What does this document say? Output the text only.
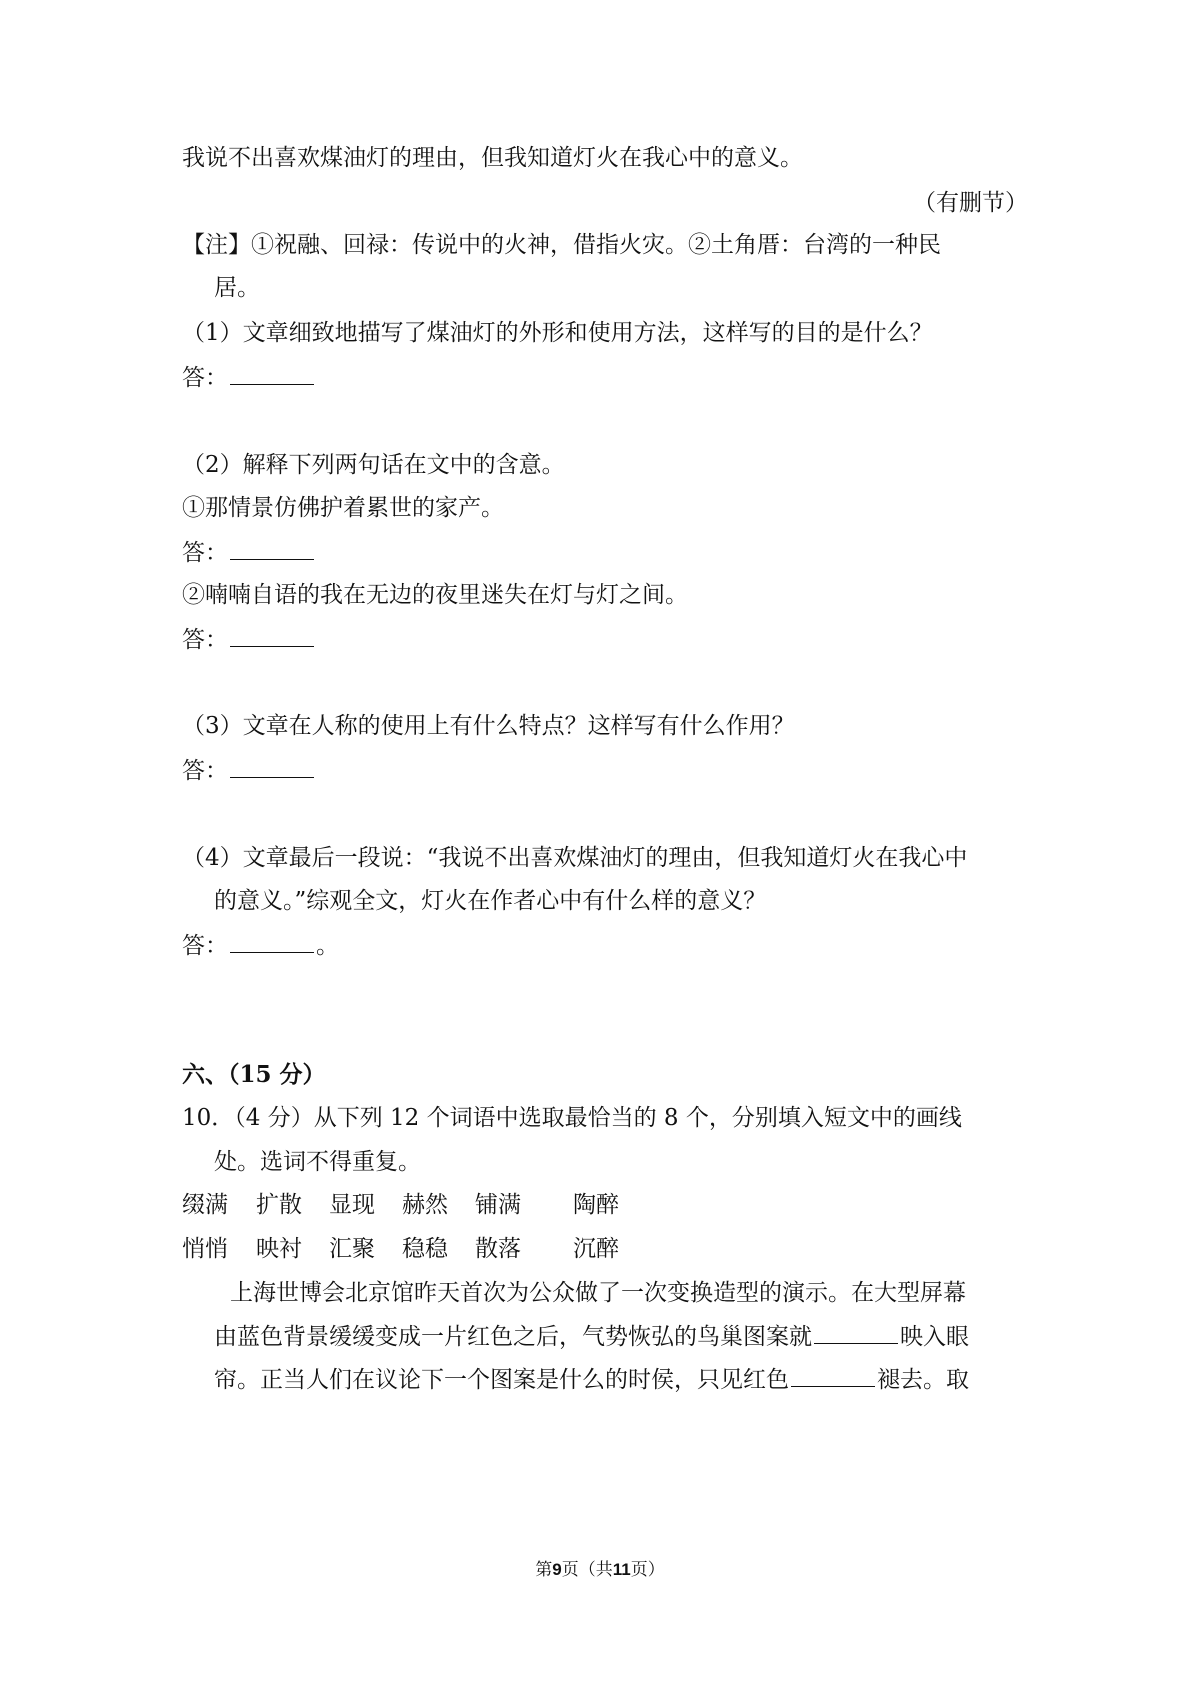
我说不出喜欢煤油灯的理由，但我知道灯火在我心中的意义。
（有删节）
【注】①祝融、回禄：传说中的火神，借指火灾。②土角厝：台湾的一种民
居。
（1）文章细致地描写了煤油灯的外形和使用方法，这样写的目的是什么？
答：
（2）解释下列两句话在文中的含意。
①那情景仿佛护着累世的家产。
答：
②喃喃自语的我在无边的夜里迷失在灯与灯之间。
答：
（3）文章在人称的使用上有什么特点？这样写有什么作用？
答：
（4）文章最后一段说：“我说不出喜欢煤油灯的理由，但我知道灯火在我心中
的意义。”综观全文，灯火在作者心中有什么样的意义？
答：	。
六、（15 分）
10．（4 分）从下列 12 个词语中选取最恰当的 8 个，分别填入短文中的画线
处。选词不得重复。
缀满 扩散 显现 赫然 铺满 陶醉
悄悄 映衬 汇聚 稳稳 散落 沉醉
上海世博会北京馆昨天首次为公众做了一次变换造型的演示。在大型屏幕
由蓝色背景缓缓变成一片红色之后，气势恢弘的鸟巢图案就	映入眼
帘。正当人们在议论下一个图案是什么的时侯，只见红色	褪去。取
第9页（共11页）
